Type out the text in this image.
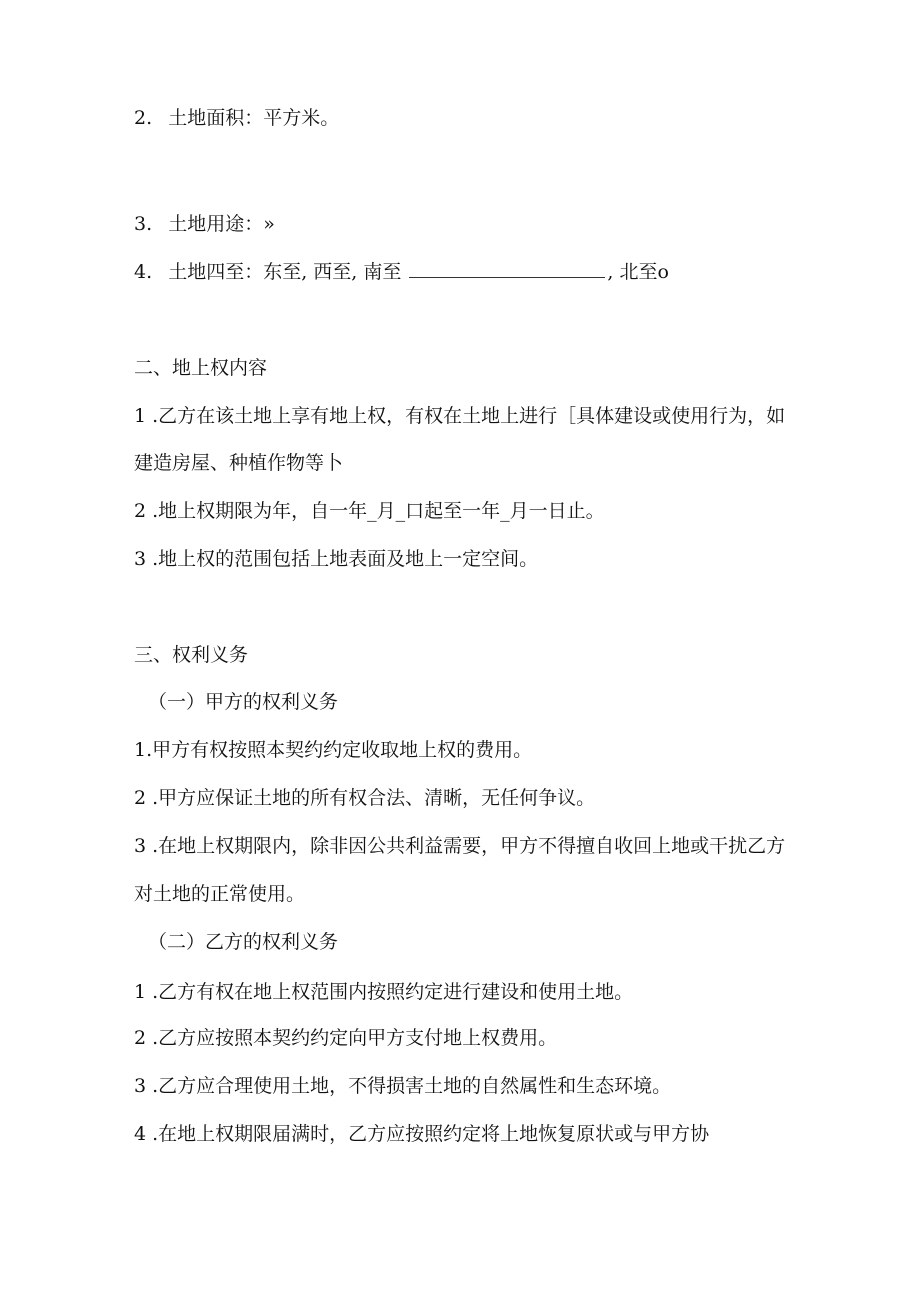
2. 土地面积：平方米。
3. 土地用途：»
4. 土地四至：东至, 西至, 南至	, 北至o
二、地上权内容
1 .乙方在该土地上享有地上权，有权在土地上进行［具体建设或使用行为，如
建造房屋、种植作物等卜
2 .地上权期限为年，自一年_月_口起至一年_月一日止。
3 .地上权的范围包括上地表面及地上一定空间。
三、权利义务
（一）甲方的权利义务
1.甲方有权按照本契约约定收取地上权的费用。
2 .甲方应保证土地的所有权合法、清晰，无任何争议。
3 .在地上权期限内，除非因公共利益需要，甲方不得擅自收回上地或干扰乙方
对土地的正常使用。
（二）乙方的权利义务
1 .乙方有权在地上权范围内按照约定进行建设和使用土地。
2 .乙方应按照本契约约定向甲方支付地上权费用。
3 .乙方应合理使用土地，不得损害土地的自然属性和生态环境。
4 .在地上权期限届满时，乙方应按照约定将上地恢复原状或与甲方协
